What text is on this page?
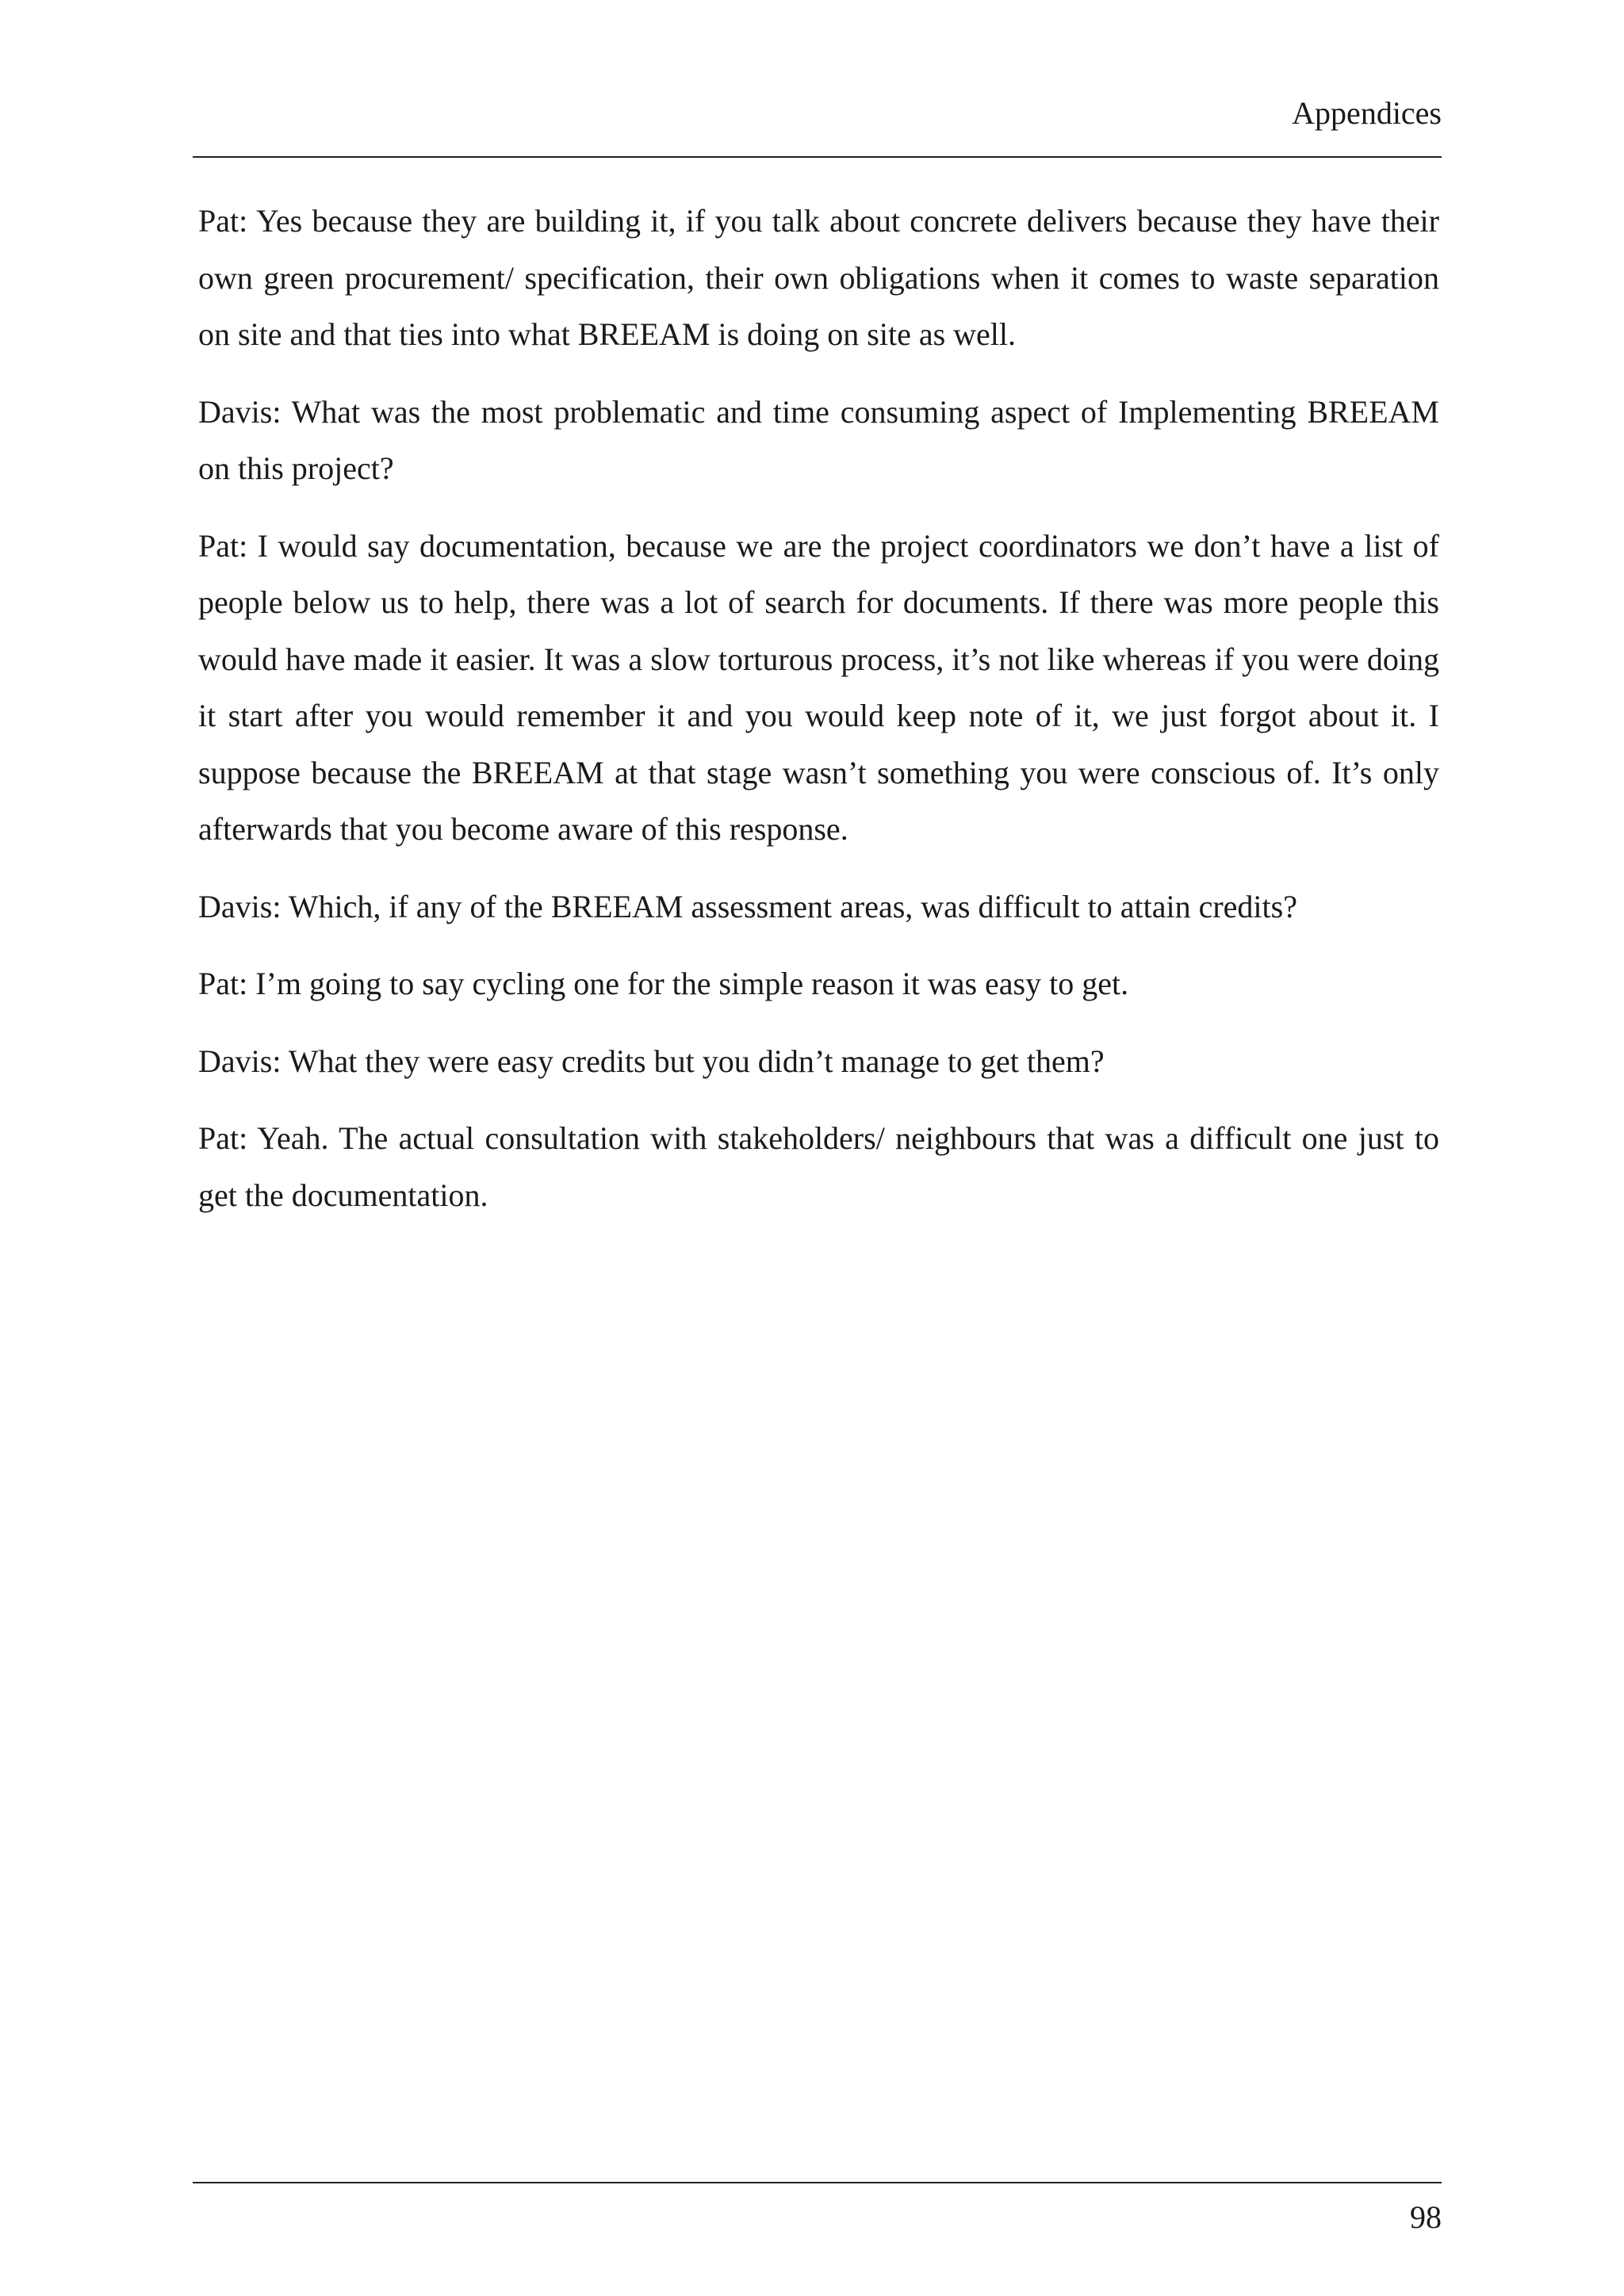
Appendices

Pat: Yes because they are building it, if you talk about concrete delivers because they have their own green procurement/ specification, their own obligations when it comes to waste separation on site and that ties into what BREEAM is doing on site as well.

Davis: What was the most problematic and time consuming aspect of Implementing BREEAM on this project?

Pat: I would say documentation, because we are the project coordinators we don’t have a list of people below us to help, there was a lot of search for documents. If there was more people this would have made it easier. It was a slow torturous process, it’s not like whereas if you were doing it start after you would remember it and you would keep note of it, we just forgot about it. I suppose because the BREEAM at that stage wasn’t something you were conscious of. It’s only afterwards that you become aware of this response.

Davis: Which, if any of the BREEAM assessment areas, was difficult to attain credits?

Pat: I’m going to say cycling one for the simple reason it was easy to get.

Davis: What they were easy credits but you didn’t manage to get them?

Pat: Yeah. The actual consultation with stakeholders/ neighbours that was a difficult one just to get the documentation.

98
